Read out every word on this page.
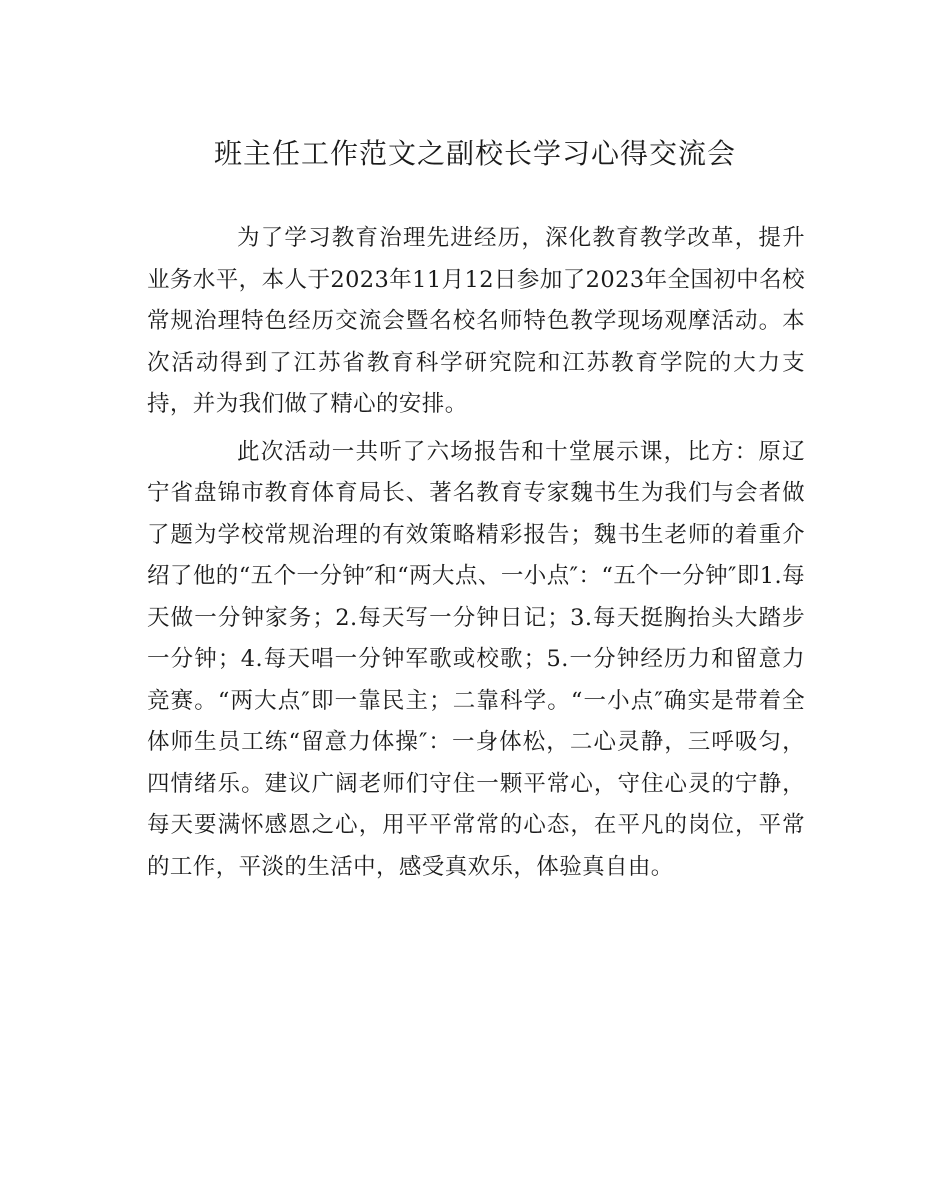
班主任工作范文之副校长学习心得交流会

为了学习教育治理先进经历，深化教育教学改革，提升业务水平，本人于2023年11月12日参加了2023年全国初中名校常规治理特色经历交流会暨名校名师特色教学现场观摩活动。本次活动得到了江苏省教育科学研究院和江苏教育学院的大力支持，并为我们做了精心的安排。

此次活动一共听了六场报告和十堂展示课，比方：原辽宁省盘锦市教育体育局长、著名教育专家魏书生为我们与会者做了题为学校常规治理的有效策略精彩报告；魏书生老师的着重介绍了他的“五个一分钟″和“两大点、一小点″：“五个一分钟″即1.每天做一分钟家务；2.每天写一分钟日记；3.每天挺胸抬头大踏步一分钟；4.每天唱一分钟军歌或校歌；5.一分钟经历力和留意力竞赛。“两大点″即一靠民主；二靠科学。“一小点″确实是带着全体师生员工练“留意力体操″：一身体松，二心灵静，三呼吸匀，四情绪乐。建议广阔老师们守住一颗平常心，守住心灵的宁静，每天要满怀感恩之心，用平平常常的心态，在平凡的岗位，平常的工作，平淡的生活中，感受真欢乐，体验真自由。
